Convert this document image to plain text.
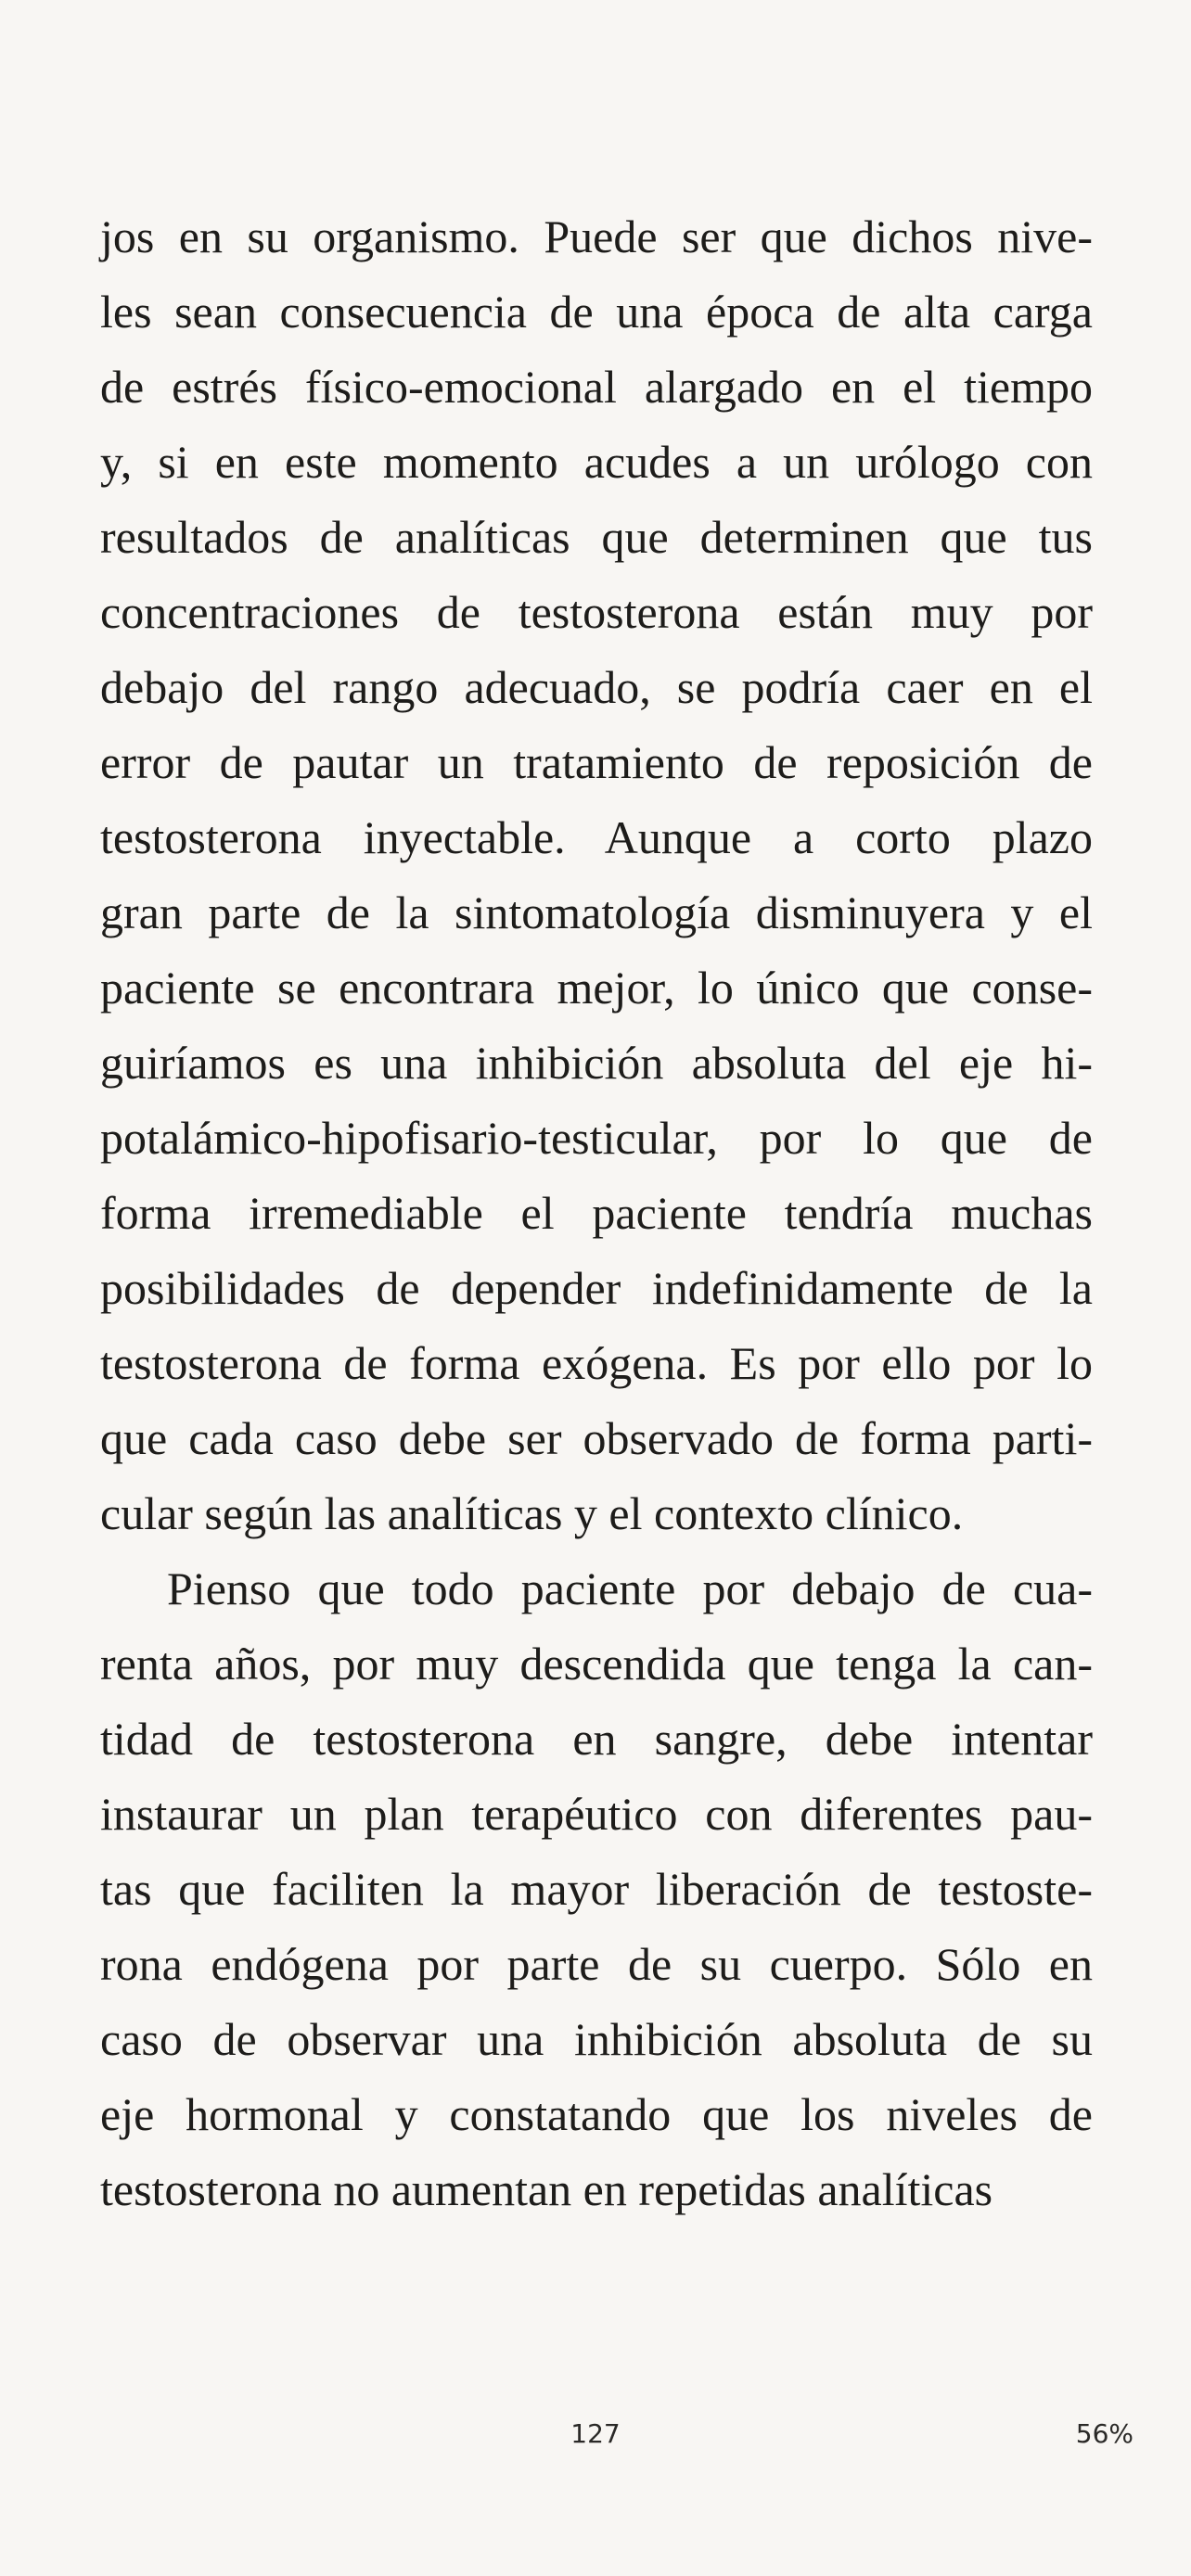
jos en su organismo. Puede ser que dichos nive-
les sean consecuencia de una época de alta carga
de estrés físico-emocional alargado en el tiempo
y, si en este momento acudes a un urólogo con
resultados de analíticas que determinen que tus
concentraciones de testosterona están muy por
debajo del rango adecuado, se podría caer en el
error de pautar un tratamiento de reposición de
testosterona inyectable. Aunque a corto plazo
gran parte de la sintomatología disminuyera y el
paciente se encontrara mejor, lo único que conse-
guiríamos es una inhibición absoluta del eje hi-
potalámico-hipofisario-testicular, por lo que de
forma irremediable el paciente tendría muchas
posibilidades de depender indefinidamente de la
testosterona de forma exógena. Es por ello por lo
que cada caso debe ser observado de forma parti-
cular según las analíticas y el contexto clínico.
Pienso que todo paciente por debajo de cua-
renta años, por muy descendida que tenga la can-
tidad de testosterona en sangre, debe intentar
instaurar un plan terapéutico con diferentes pau-
tas que faciliten la mayor liberación de testoste-
rona endógena por parte de su cuerpo. Sólo en
caso de observar una inhibición absoluta de su
eje hormonal y constatando que los niveles de
testosterona no aumentan en repetidas analíticas
127	56%
